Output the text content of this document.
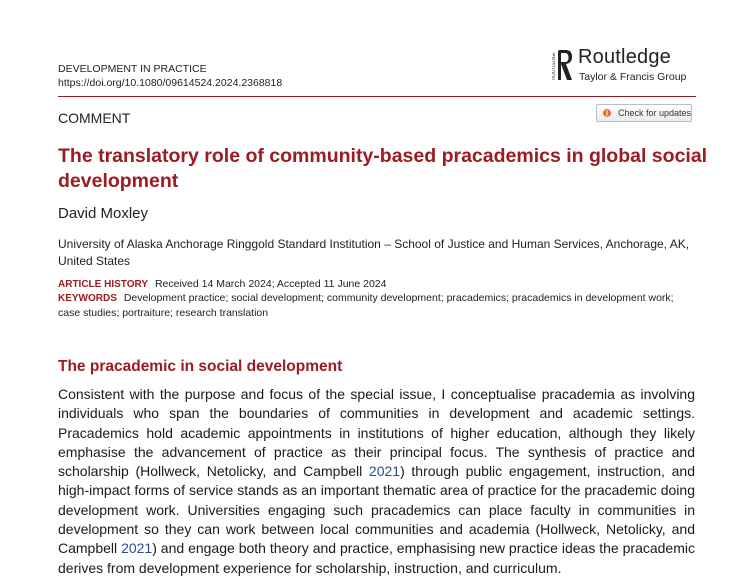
DEVELOPMENT IN PRACTICE
https://doi.org/10.1080/09614524.2024.2368818
ROUTLEDGE Routledge
Taylor & Francis Group
COMMENT	Check for updates
The translatory role of community-based pracademics in global social development
David Moxley
University of Alaska Anchorage Ringgold Standard Institution – School of Justice and Human Services, Anchorage, AK, United States
ARTICLE HISTORY Received 14 March 2024; Accepted 11 June 2024
KEYWORDS Development practice; social development; community development; pracademics; pracademics in development work; case studies; portraiture; research translation
The pracademic in social development

Consistent with the purpose and focus of the special issue, I conceptualise pracademia as involving individuals who span the boundaries of communities in development and academic settings. Pracademics hold academic appointments in institutions of higher education, although they likely emphasise the advancement of practice as their principal focus. The synthesis of practice and scholarship (Hollweck, Netolicky, and Campbell 2021) through public engagement, instruction, and high-impact forms of service stands as an important thematic area of practice for the pracademic doing development work. Universities engaging such pracademics can place faculty in communities in development so they can work between local communities and academia (Hollweck, Netolicky, and Campbell 2021) and engage both theory and practice, emphasising new practice ideas the pracademic derives from development experience for scholarship, instruction, and curriculum.
